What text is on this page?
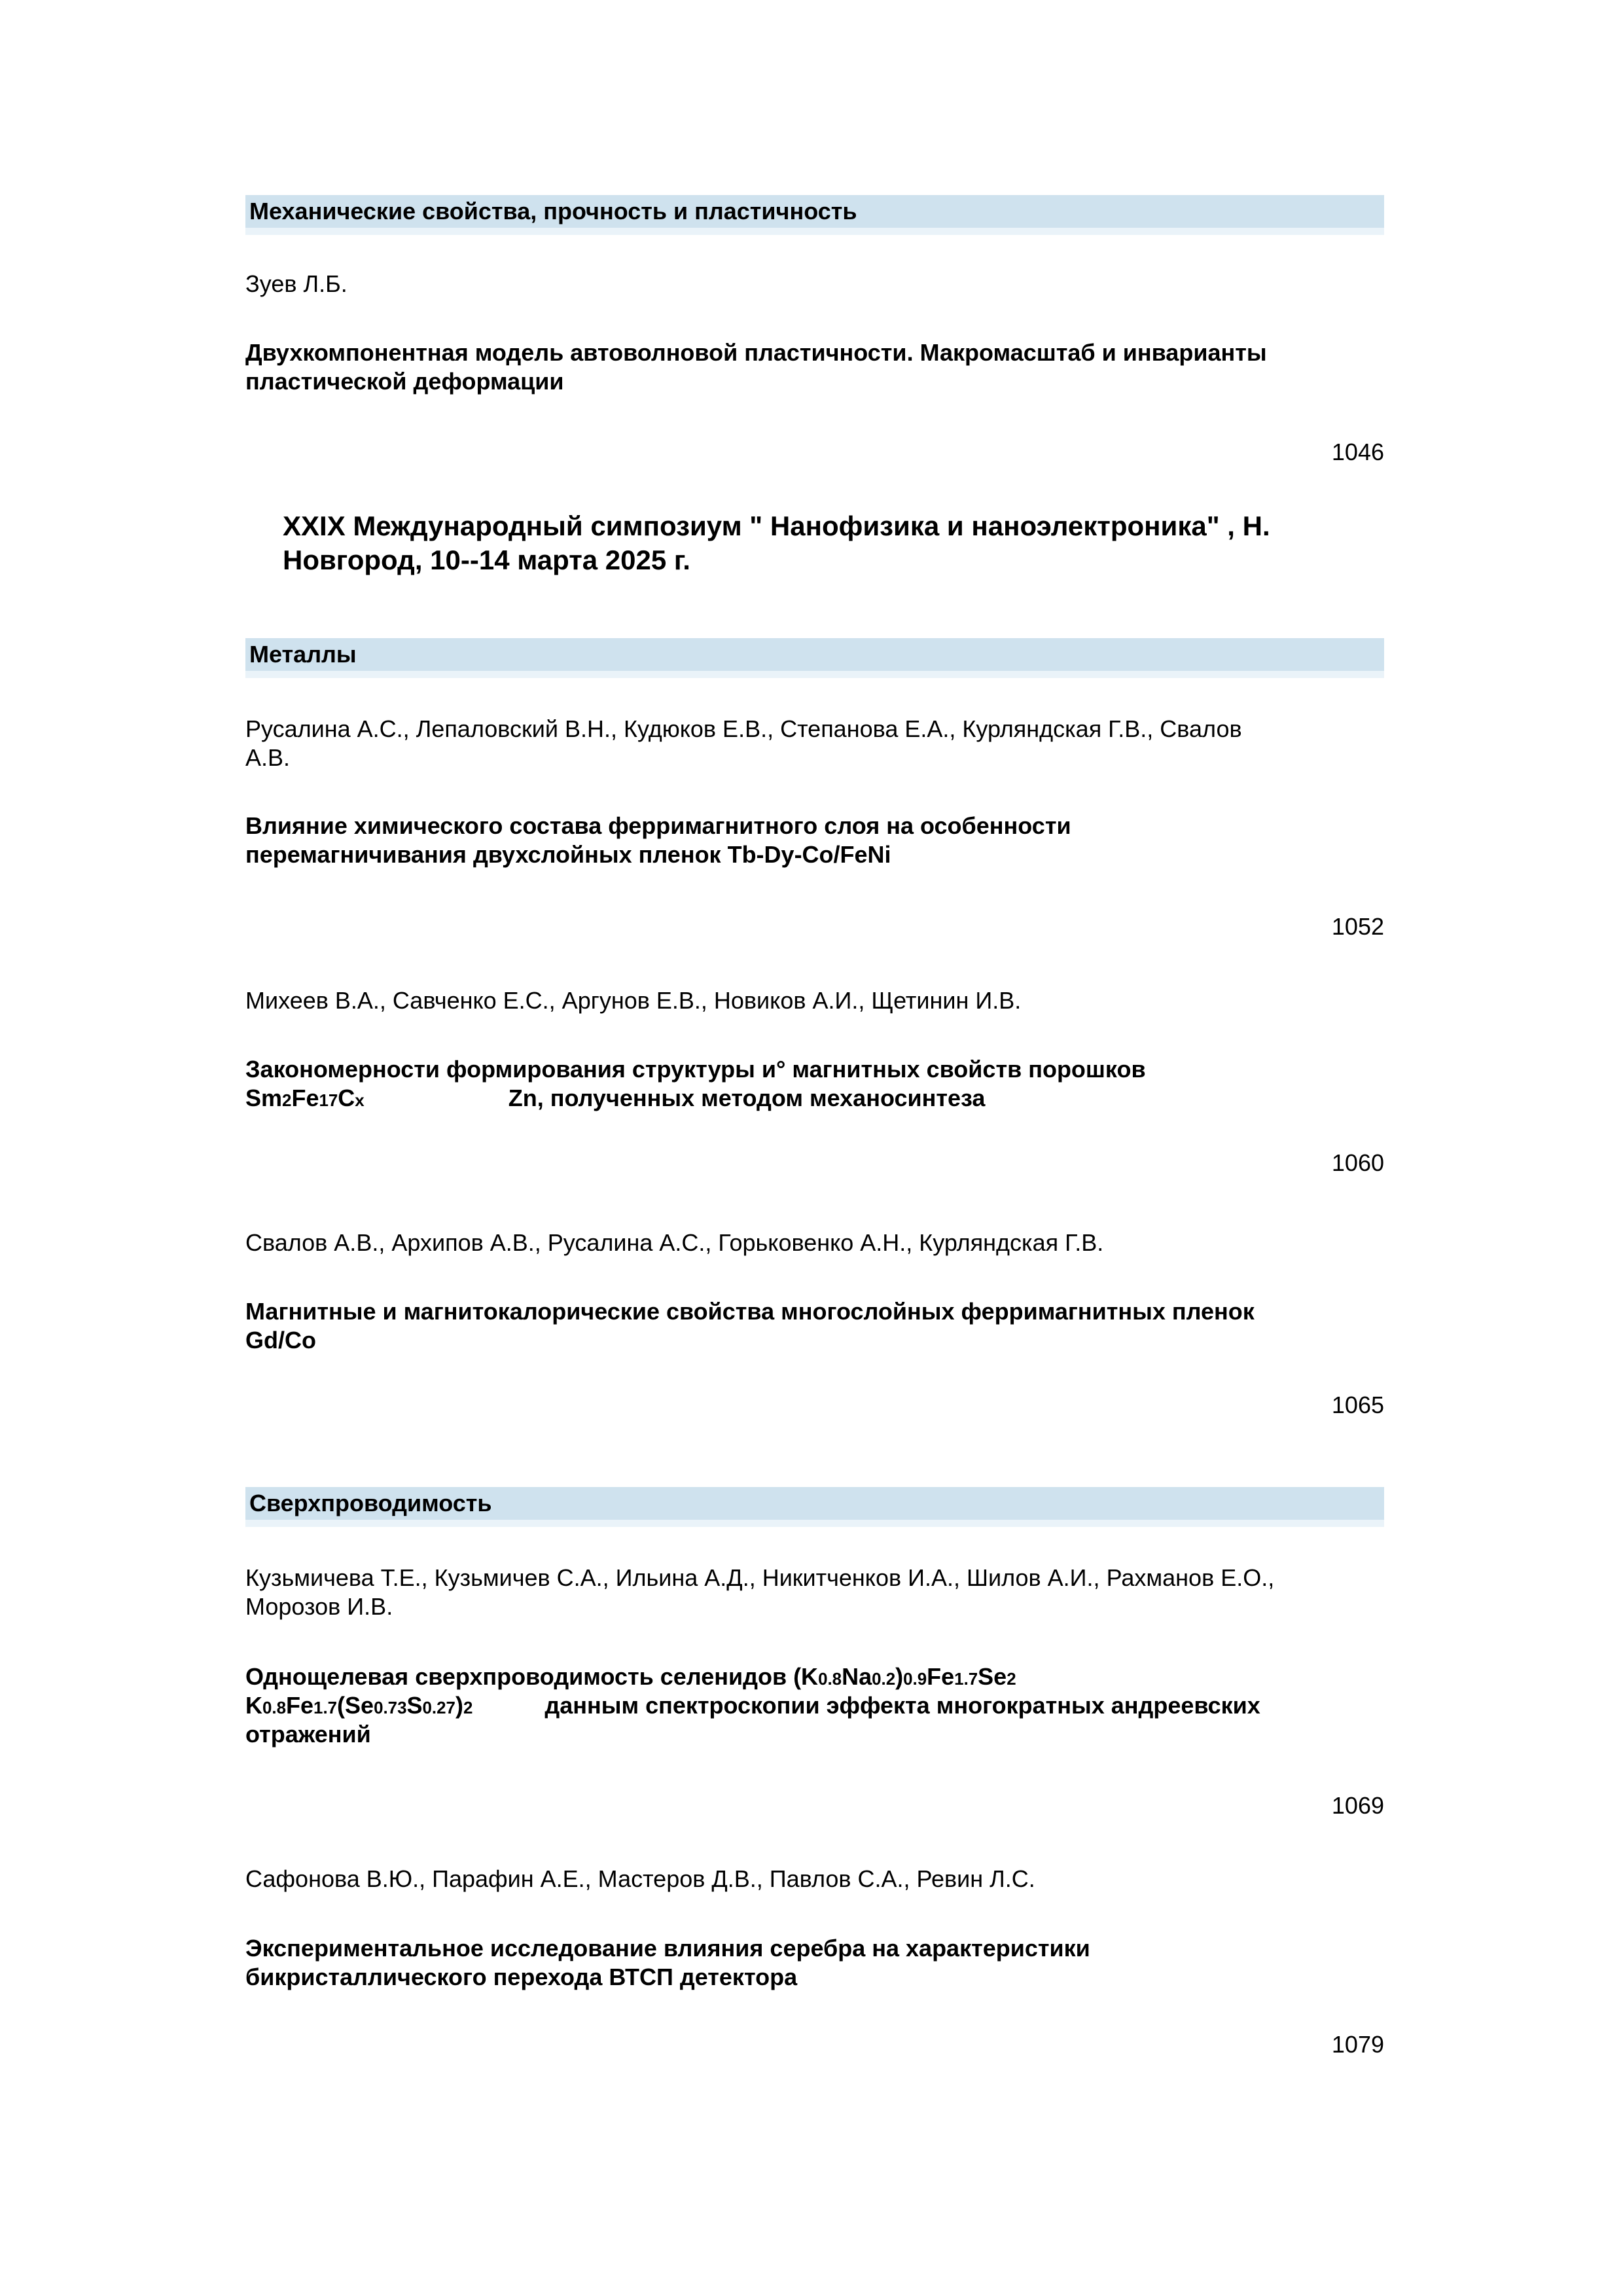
Механические свойства, прочность и пластичность
Зуев Л.Б.
Двухкомпонентная модель автоволновой пластичности. Макромасштаб и инварианты
пластической деформации
1046
XXIX Международный симпозиум " Нанофизика и наноэлектроника" , Н.
Новгород, 10--14 марта 2025 г.
Металлы
Русалина А.С., Лепаловский В.Н., Кудюков Е.В., Степанова Е.А., Курляндская Г.В., Свалов
А.В.
Влияние химического состава ферримагнитного слоя на особенности
перемагничивания двухслойных пленок Tb-Dy-Co/FeNi
1052
Михеев В.А., Савченко Е.С., Аргунов Е.В., Новиков А.И., Щетинин И.В.
Закономерности формирования структуры и° магнитных свойств порошков
Sm2Fe17Cx	Zn, полученных методом механосинтеза
1060
Свалов А.В., Архипов А.В., Русалина А.С., Горьковенко А.Н., Курляндская Г.В.
Магнитные и магнитокалорические свойства многослойных ферримагнитных пленок
Gd/Co
1065
Сверхпроводимость
Кузьмичева Т.Е., Кузьмичев С.А., Ильина А.Д., Никитченков И.А., Шилов А.И., Рахманов Е.О.,
Морозов И.В.
Однощелевая сверхпроводимость селенидов (K0.8Na0.2)0.9Fe1.7Se2
K0.8Fe1.7(Se0.73S0.27)2	данным спектроскопии эффекта многократных андреевских
отражений
1069
Сафонова В.Ю., Парафин А.Е., Мастеров Д.В., Павлов С.А., Ревин Л.С.
Экспериментальное исследование влияния серебра на характеристики
бикристаллического перехода ВТСП детектора
1079
